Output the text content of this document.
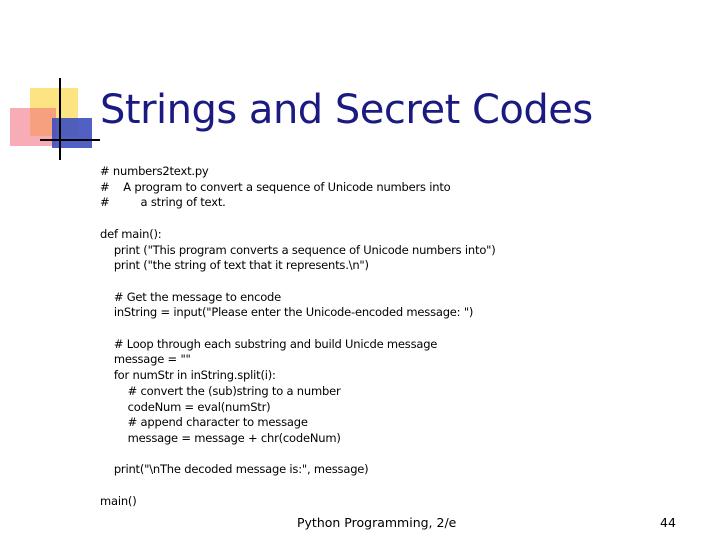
Strings and Secret Codes
# numbers2text.py
#    A program to convert a sequence of Unicode numbers into
#         a string of text.

def main():
print ("This program converts a sequence of Unicode numbers into")
print ("the string of text that it represents.\n")

# Get the message to encode
inString = input("Please enter the Unicode-encoded message: ")

# Loop through each substring and build Unicde message
message = ""
for numStr in inString.split(i):
# convert the (sub)string to a number
codeNum = eval(numStr)
# append character to message
message = message + chr(codeNum)

print("\nThe decoded message is:", message)

main()
Python Programming, 2/e	44
